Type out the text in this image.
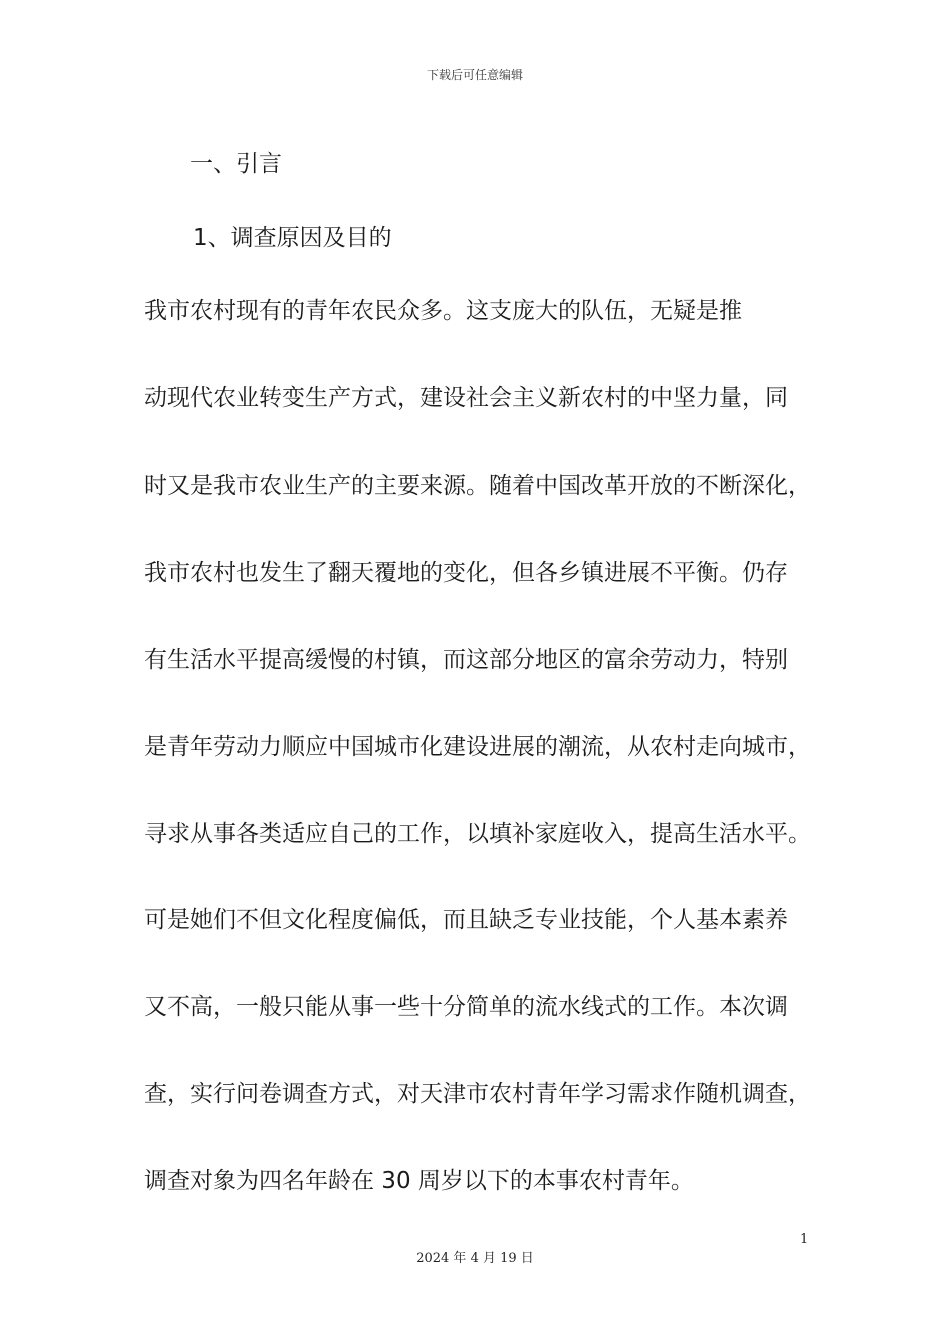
下载后可任意编辑
一、引言
1、调查原因及目的
我市农村现有的青年农民众多。这支庞大的队伍，无疑是推
动现代农业转变生产方式，建设社会主义新农村的中坚力量，同
时又是我市农业生产的主要来源。随着中国改革开放的不断深化，
我市农村也发生了翻天覆地的变化，但各乡镇进展不平衡。仍存
有生活水平提高缓慢的村镇，而这部分地区的富余劳动力，特别
是青年劳动力顺应中国城市化建设进展的潮流，从农村走向城市，
寻求从事各类适应自己的工作，以填补家庭收入，提高生活水平。
可是她们不但文化程度偏低，而且缺乏专业技能，个人基本素养
又不高，一般只能从事一些十分简单的流水线式的工作。本次调
查，实行问卷调查方式，对天津市农村青年学习需求作随机调查，
调查对象为四名年龄在 30 周岁以下的本事农村青年。
1
2024 年 4 月 19 日
